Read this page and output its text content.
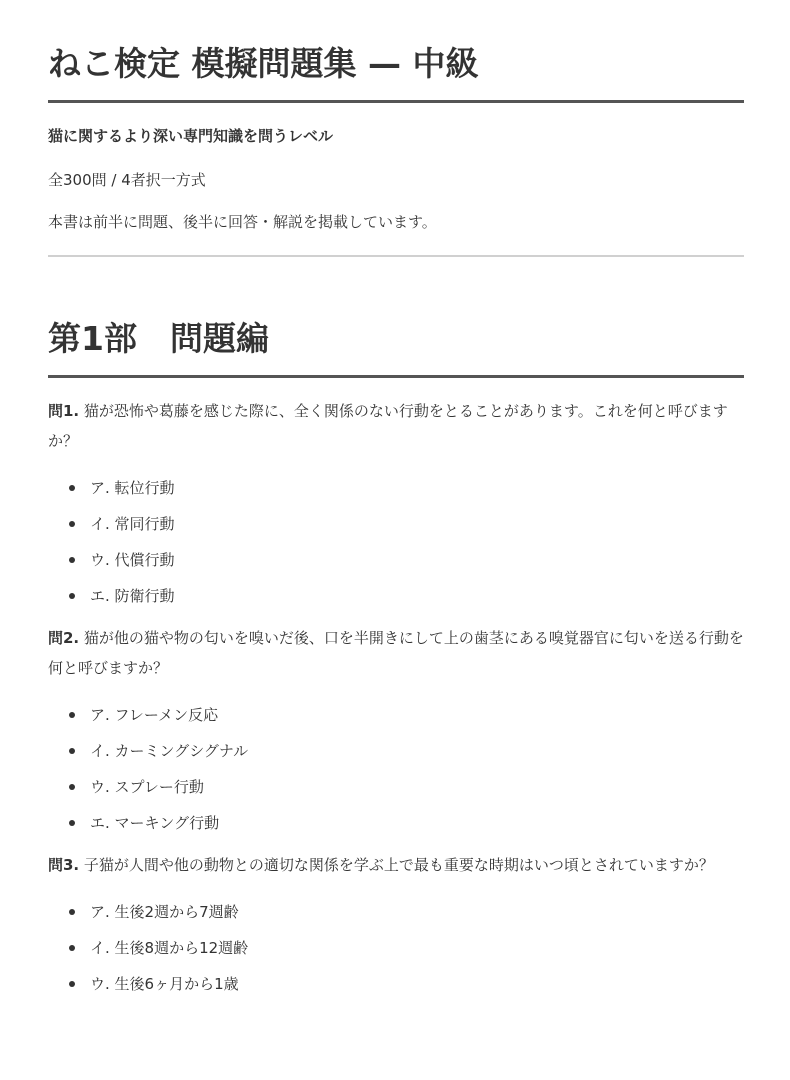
ねこ検定 模擬問題集 — 中級

猫に関するより深い専門知識を問うレベル

全300問 / 4者択一方式

本書は前半に問題、後半に回答・解説を掲載しています。

第1部　問題編

問1. 猫が恐怖や葛藤を感じた際に、全く関係のない行動をとることがあります。これを何と呼びますか？

ア. 転位行動
イ. 常同行動
ウ. 代償行動
エ. 防衛行動

問2. 猫が他の猫や物の匂いを嗅いだ後、口を半開きにして上の歯茎にある嗅覚器官に匂いを送る行動を何と呼びますか？

ア. フレーメン反応
イ. カーミングシグナル
ウ. スプレー行動
エ. マーキング行動

問3. 子猫が人間や他の動物との適切な関係を学ぶ上で最も重要な時期はいつ頃とされていますか？

ア. 生後2週から7週齢
イ. 生後8週から12週齢
ウ. 生後6ヶ月から1歳
